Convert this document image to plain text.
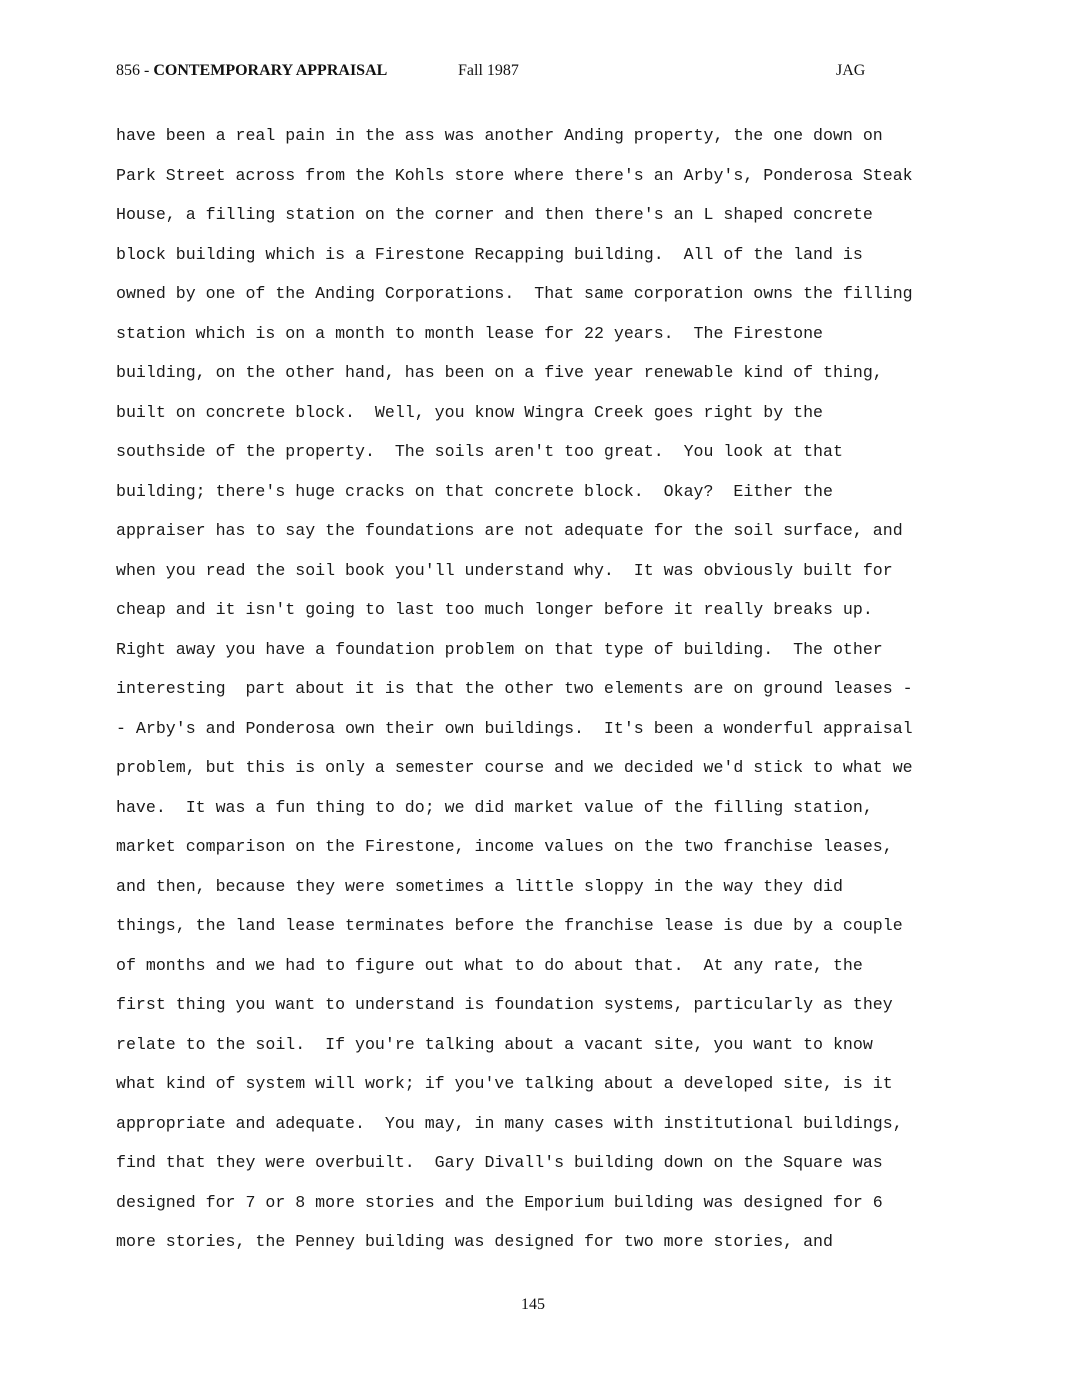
856 - CONTEMPORARY APPRAISAL	Fall 1987	JAG
have been a real pain in the ass was another Anding property, the one down on
Park Street across from the Kohls store where there's an Arby's, Ponderosa Steak
House, a filling station on the corner and then there's an L shaped concrete
block building which is a Firestone Recapping building.  All of the land is
owned by one of the Anding Corporations.  That same corporation owns the filling
station which is on a month to month lease for 22 years.  The Firestone
building, on the other hand, has been on a five year renewable kind of thing,
built on concrete block.  Well, you know Wingra Creek goes right by the
southside of the property.  The soils aren't too great.  You look at that
building; there's huge cracks on that concrete block.  Okay?  Either the
appraiser has to say the foundations are not adequate for the soil surface, and
when you read the soil book you'll understand why.  It was obviously built for
cheap and it isn't going to last too much longer before it really breaks up.
Right away you have a foundation problem on that type of building.  The other
interesting  part about it is that the other two elements are on ground leases -
- Arby's and Ponderosa own their own buildings.  It's been a wonderful appraisal
problem, but this is only a semester course and we decided we'd stick to what we
have.  It was a fun thing to do; we did market value of the filling station,
market comparison on the Firestone, income values on the two franchise leases,
and then, because they were sometimes a little sloppy in the way they did
things, the land lease terminates before the franchise lease is due by a couple
of months and we had to figure out what to do about that.  At any rate, the
first thing you want to understand is foundation systems, particularly as they
relate to the soil.  If you're talking about a vacant site, you want to know
what kind of system will work; if you've talking about a developed site, is it
appropriate and adequate.  You may, in many cases with institutional buildings,
find that they were overbuilt.  Gary Divall's building down on the Square was
designed for 7 or 8 more stories and the Emporium building was designed for 6
more stories, the Penney building was designed for two more stories, and
145
